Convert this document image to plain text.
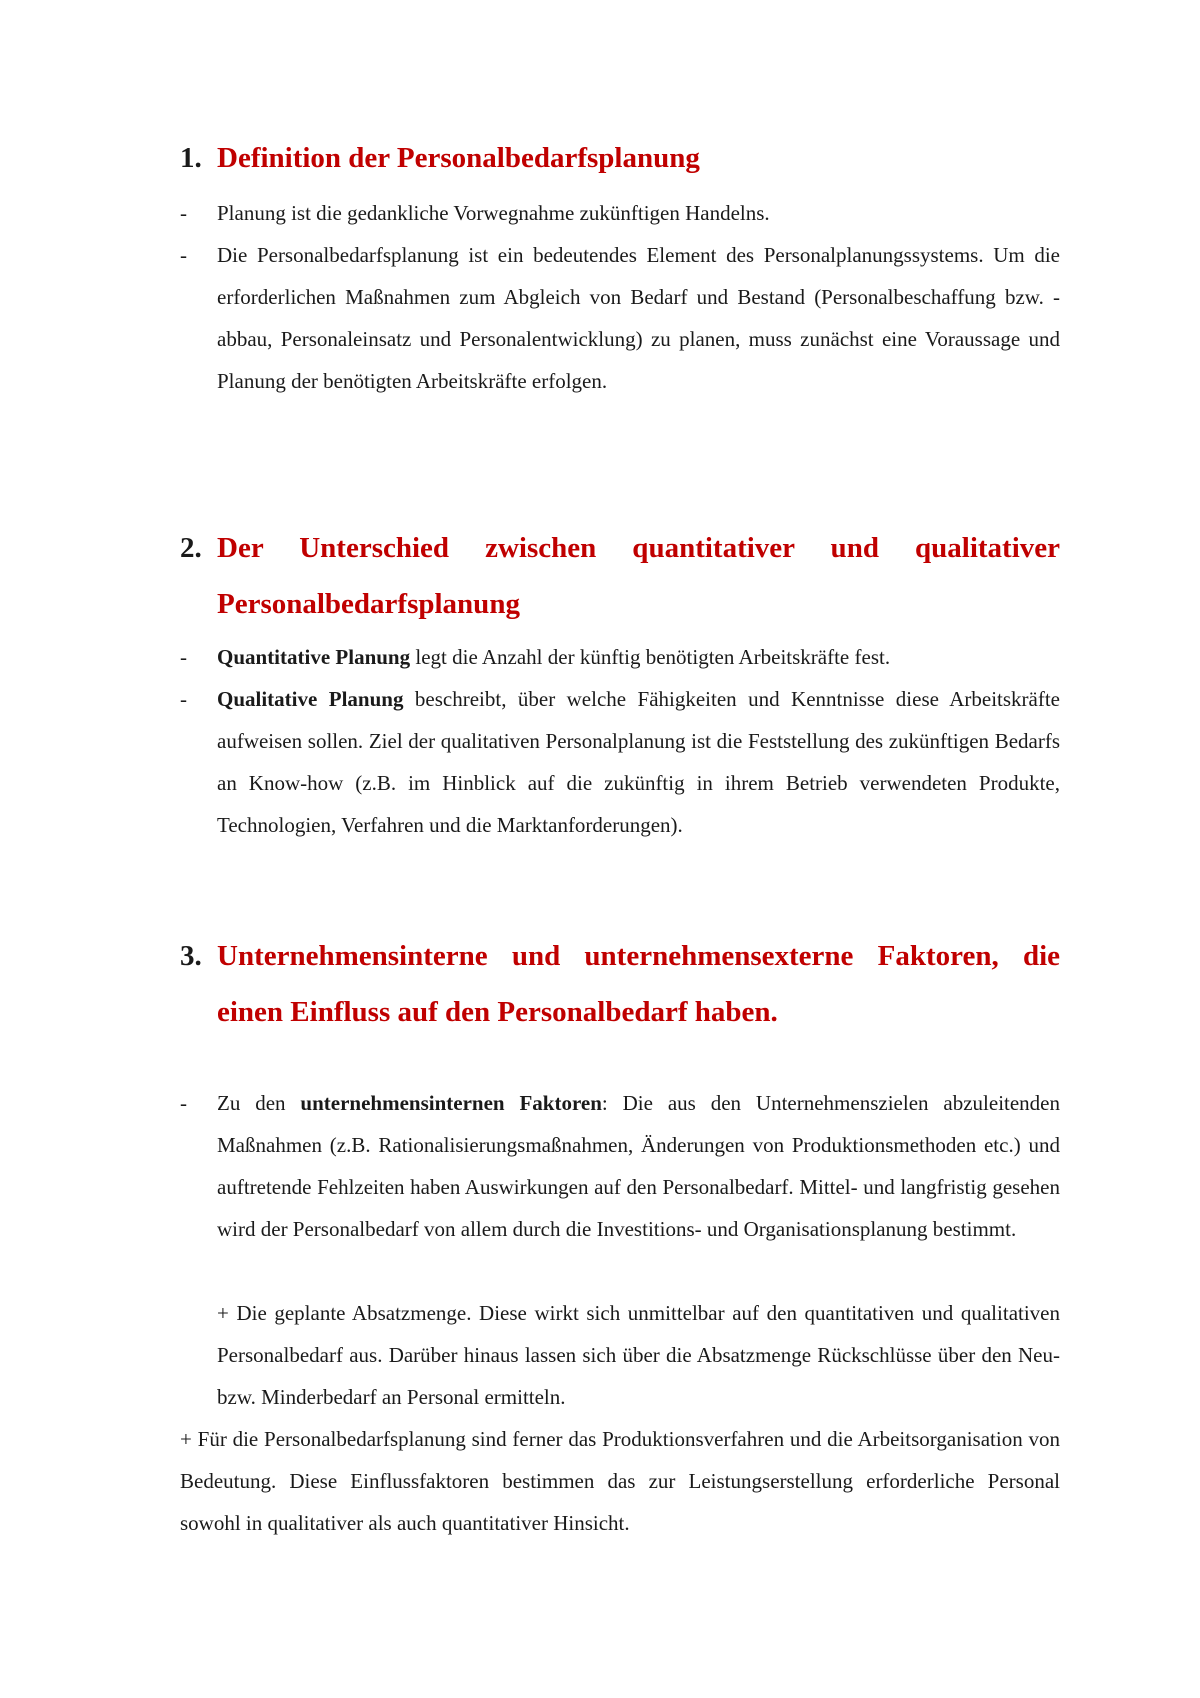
1. Definition der Personalbedarfsplanung
- Planung ist die gedankliche Vorwegnahme zukünftigen Handelns.
- Die Personalbedarfsplanung ist ein bedeutendes Element des Personalplanungssystems. Um die erforderlichen Maßnahmen zum Abgleich von Bedarf und Bestand (Personalbeschaffung bzw. -abbau, Personaleinsatz und Personalentwicklung) zu planen, muss zunächst eine Voraussage und Planung der benötigten Arbeitskräfte erfolgen.
2. Der Unterschied zwischen quantitativer und qualitativer Personalbedarfsplanung
- Quantitative Planung legt die Anzahl der künftig benötigten Arbeitskräfte fest.
- Qualitative Planung beschreibt, über welche Fähigkeiten und Kenntnisse diese Arbeitskräfte aufweisen sollen. Ziel der qualitativen Personalplanung ist die Feststellung des zukünftigen Bedarfs an Know-how (z.B. im Hinblick auf die zukünftig in ihrem Betrieb verwendeten Produkte, Technologien, Verfahren und die Marktanforderungen).
3. Unternehmensinterne und unternehmensexterne Faktoren, die einen Einfluss auf den Personalbedarf haben.
- Zu den unternehmensinternen Faktoren: Die aus den Unternehmenszielen abzuleitenden Maßnahmen (z.B. Rationalisierungsmaßnahmen, Änderungen von Produktionsmethoden etc.) und auftretende Fehlzeiten haben Auswirkungen auf den Personalbedarf. Mittel- und langfristig gesehen wird der Personalbedarf von allem durch die Investitions- und Organisationsplanung bestimmt.
+ Die geplante Absatzmenge. Diese wirkt sich unmittelbar auf den quantitativen und qualitativen Personalbedarf aus. Darüber hinaus lassen sich über die Absatzmenge Rückschlüsse über den Neu- bzw. Minderbedarf an Personal ermitteln.
+ Für die Personalbedarfsplanung sind ferner das Produktionsverfahren und die Arbeitsorganisation von Bedeutung. Diese Einflussfaktoren bestimmen das zur Leistungserstellung erforderliche Personal sowohl in qualitativer als auch quantitativer Hinsicht.
